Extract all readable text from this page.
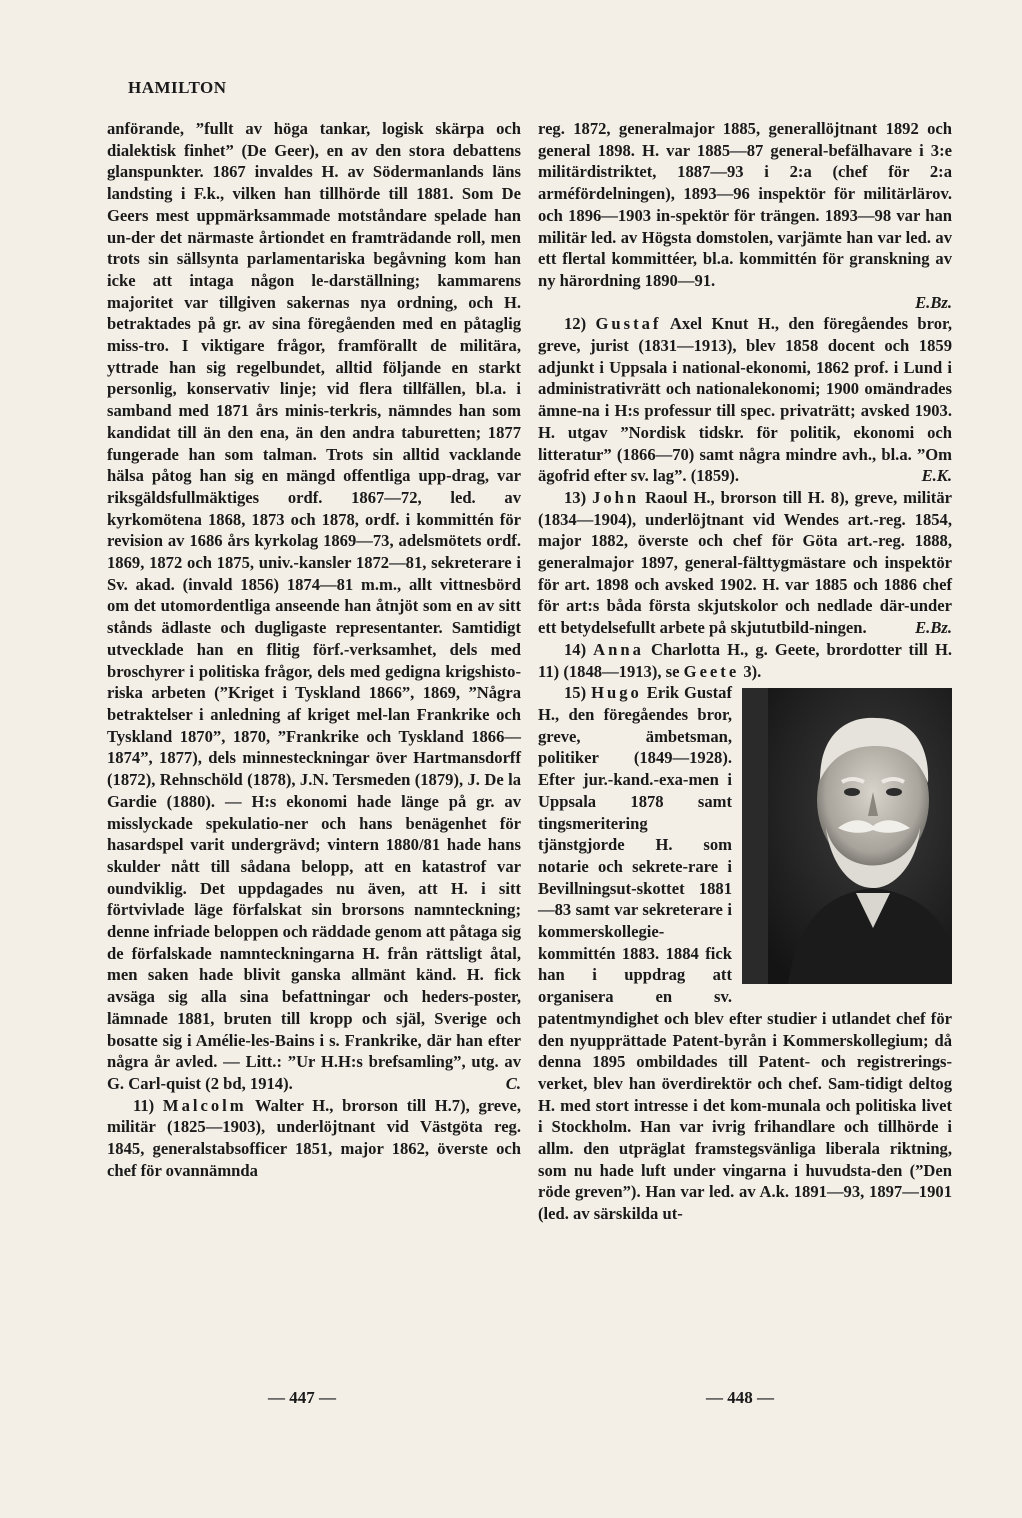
HAMILTON

anförande, ”fullt av höga tankar, logisk skärpa och dialektisk finhet” (De Geer), en av den stora debattens glanspunkter. 1867 invaldes H. av Södermanlands läns landsting i F.k., vilken han tillhörde till 1881. Som De Geers mest uppmärksammade motståndare spelade han un-der det närmaste årtiondet en framträdande roll, men trots sin sällsynta parlamentariska begåvning kom han icke att intaga någon le-darställning; kammarens majoritet var tillgiven sakernas nya ordning, och H. betraktades på gr. av sina föregåenden med en påtaglig miss-tro. I viktigare frågor, framförallt de militära, yttrade han sig regelbundet, alltid följande en starkt personlig, konservativ linje; vid flera tillfällen, bl.a. i samband med 1871 års minis-terkris, nämndes han som kandidat till än den ena, än den andra taburetten; 1877 fungerade han som talman. Trots sin alltid vacklande hälsa påtog han sig en mängd offentliga upp-drag, var riksgäldsfullmäktiges ordf. 1867—72, led. av kyrkomötena 1868, 1873 och 1878, ordf. i kommittén för revision av 1686 års kyrkolag 1869—73, adelsmötets ordf. 1869, 1872 och 1875, univ.-kansler 1872—81, sekreterare i Sv. akad. (invald 1856) 1874—81 m.m., allt vittnesbörd om det utomordentliga anseende han åtnjöt som en av sitt stånds ädlaste och dugligaste representanter. Samtidigt utvecklade han en flitig förf.-verksamhet, dels med broschyrer i politiska frågor, dels med gedigna krigshisto-riska arbeten (”Kriget i Tyskland 1866”, 1869, ”Några betraktelser i anledning af kriget mel-lan Frankrike och Tyskland 1870”, 1870, ”Frankrike och Tyskland 1866—1874”, 1877), dels minnesteckningar över Hartmansdorff (1872), Rehnschöld (1878), J.N. Tersmeden (1879), J. De la Gardie (1880). — H:s ekonomi hade länge på gr. av misslyckade spekulatio-ner och hans benägenhet för hasardspel varit undergrävd; vintern 1880/81 hade hans skulder nått till sådana belopp, att en katastrof var oundviklig. Det uppdagades nu även, att H. i sitt förtvivlade läge förfalskat sin brorsons namnteckning; denne infriade beloppen och räddade genom att påtaga sig de förfalskade namnteckningarna H. från rättsligt åtal, men saken hade blivit ganska allmänt känd. H. fick avsäga sig alla sina befattningar och heders-poster, lämnade 1881, bruten till kropp och själ, Sverige och bosatte sig i Amélie-les-Bains i s. Frankrike, där han efter några år avled. — Litt.: ”Ur H.H:s brefsamling”, utg. av G. Carl-quist (2 bd, 1914).	C.

11) Malcolm Walter H., brorson till H.7), greve, militär (1825—1903), underlöjtnant vid Västgöta reg. 1845, generalstabsofficer 1851, major 1862, överste och chef för ovannämnda

reg. 1872, generalmajor 1885, generallöjtnant 1892 och general 1898. H. var 1885—87 general-befälhavare i 3:e militärdistriktet, 1887—93 i 2:a (chef för 2:a arméfördelningen), 1893—96 inspektör för militärlärov. och 1896—1903 in-spektör för trängen. 1893—98 var han militär led. av Högsta domstolen, varjämte han var led. av ett flertal kommittéer, bl.a. kommittén för granskning av ny härordning 1890—91.

E.Bz.

12) Gustaf Axel Knut H., den föregåendes bror, greve, jurist (1831—1913), blev 1858 docent och 1859 adjunkt i Uppsala i national-ekonomi, 1862 prof. i Lund i administrativrätt och nationalekonomi; 1900 omändrades ämne-na i H:s professur till spec. privaträtt; avsked 1903. H. utgav ”Nordisk tidskr. för politik, ekonomi och litteratur” (1866—70) samt några mindre avh., bl.a. ”Om ägofrid efter sv. lag”. (1859).	E.K.

13) John Raoul H., brorson till H. 8), greve, militär (1834—1904), underlöjtnant vid Wendes art.-reg. 1854, major 1882, överste och chef för Göta art.-reg. 1888, generalmajor 1897, general-fälttygmästare och inspektör för art. 1898 och avsked 1902. H. var 1885 och 1886 chef för art:s båda första skjutskolor och nedlade där-under ett betydelsefullt arbete på skjututbild-ningen.	E.Bz.

14) Anna Charlotta H., g. Geete, brordotter till H. 11) (1848—1913), se Geete 3).

15) Hugo Erik Gustaf H., den föregåendes bror, greve, ämbetsman, politiker (1849—1928). Efter jur.-kand.-exa-men i Uppsala 1878 samt tingsmeritering tjänstgjorde H. som notarie och sekrete-rare i Bevillningsut-skottet 1881—83 samt var sekreterare i kommerskollegie-kommittén 1883. 1884 fick han i uppdrag att organisera en sv. patentmyndighet och blev efter studier i utlandet chef för den nyupprättade Patent-byrån i Kommerskollegium; då denna 1895 ombildades till Patent- och registrerings-verket, blev han överdirektör och chef. Sam-tidigt deltog H. med stort intresse i det kom-munala och politiska livet i Stockholm. Han var ivrig frihandlare och tillhörde i allm. den utpräglat framstegsvänliga liberala riktning, som nu hade luft under vingarna i huvudsta-den (”Den röde greven”). Han var led. av A.k. 1891—93, 1897—1901 (led. av särskilda ut-

— 447 —	— 448 —
